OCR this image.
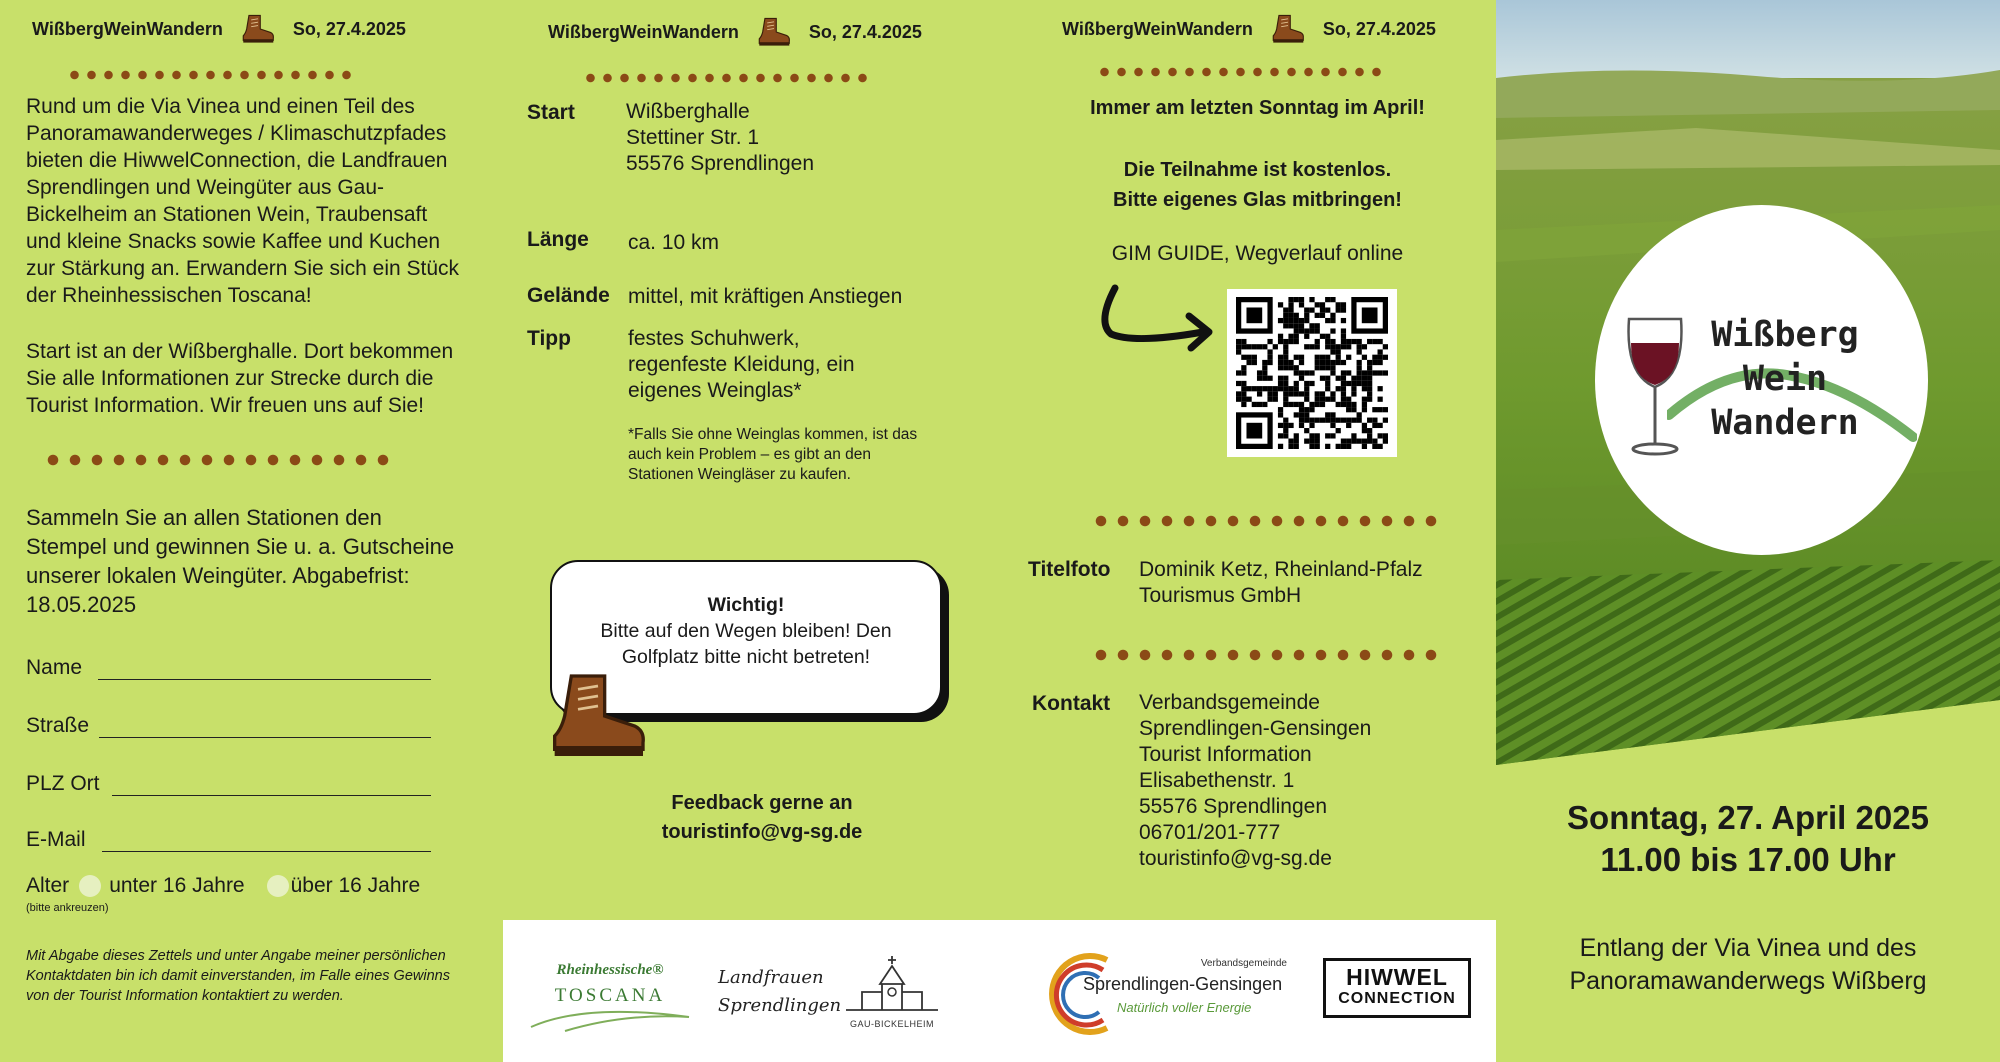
WißbergWeinWandern	So, 27.4.2025
Rund um die Via Vinea und einen Teil des Panoramawanderweges / Klimaschutzpfades bieten die HiwwelConnection, die Landfrauen Sprendlingen und Weingüter aus Gau-Bickelheim an Stationen Wein, Traubensaft und kleine Snacks sowie Kaffee und Kuchen zur Stärkung an. Erwandern Sie sich ein Stück der Rheinhessischen Toscana!
Start ist an der Wißberghalle. Dort bekommen Sie alle Informationen zur Strecke durch die Tourist Information. Wir freuen uns auf Sie!
Sammeln Sie an allen Stationen den Stempel und gewinnen Sie u. a. Gutscheine unserer lokalen Weingüter. Abgabefrist: 18.05.2025
Name
Straße
PLZ Ort
E-Mail
Alter unter 16 Jahre über 16 Jahre
(bitte ankreuzen)
Mit Abgabe dieses Zettels und unter Angabe meiner persönlichen Kontaktdaten bin ich damit einverstanden, im Falle eines Gewinns von der Tourist Information kontaktiert zu werden.
WißbergWeinWandern	So, 27.4.2025
Start Wißberghalle
Stettiner Str. 1
55576 Sprendlingen
Länge ca. 10 km
Gelände mittel, mit kräftigen Anstiegen
Tipp	festes Schuhwerk,
regenfeste Kleidung, ein
eigenes Weinglas*
*Falls Sie ohne Weinglas kommen, ist das auch kein Problem – es gibt an den Stationen Weingläser zu kaufen.
Wichtig!
Bitte auf den Wegen bleiben! Den Golfplatz bitte nicht betreten!
Feedback gerne an
touristinfo@vg-sg.de
WißbergWeinWandern	So, 27.4.2025
Immer am letzten Sonntag im April!
Die Teilnahme ist kostenlos.
Bitte eigenes Glas mitbringen!
GIM GUIDE, Wegverlauf online
Titelfoto Dominik Ketz, Rheinland-Pfalz
Tourismus GmbH
Kontakt Verbandsgemeinde
Sprendlingen-Gensingen
Tourist Information
Elisabethenstr. 1
55576 Sprendlingen
06701/201-777
touristinfo@vg-sg.de
Rheinhessische®
TOSCANA
Landfrauen
Sprendlingen
GAU-BICKELHEIM
Verbandsgemeinde
Sprendlingen-Gensingen
Natürlich voller Energie
HIWWEL
CONNECTION
Wißberg
Wein
Wandern
Sonntag, 27. April 2025
11.00 bis 17.00 Uhr
Entlang der Via Vinea und des
Panoramawanderwegs Wißberg
